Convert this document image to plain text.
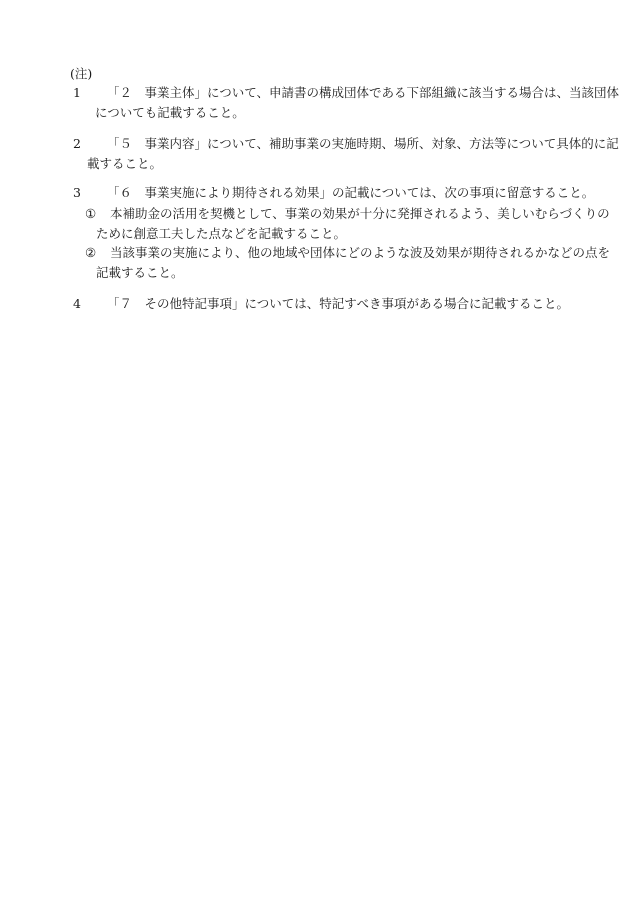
(注)
1	「２　事業主体」について、申請書の構成団体である下部組織に該当する場合は、当該団体
についても記載すること。
2	「５　事業内容」について、補助事業の実施時期、場所、対象、方法等について具体的に記
載すること。
3	「６　事業実施により期待される効果」の記載については、次の事項に留意すること。
① 本補助金の活用を契機として、事業の効果が十分に発揮されるよう、美しいむらづくりの
ために創意工夫した点などを記載すること。
② 当該事業の実施により、他の地域や団体にどのような波及効果が期待されるかなどの点を
記載すること。
4	「７　その他特記事項」については、特記すべき事項がある場合に記載すること。
